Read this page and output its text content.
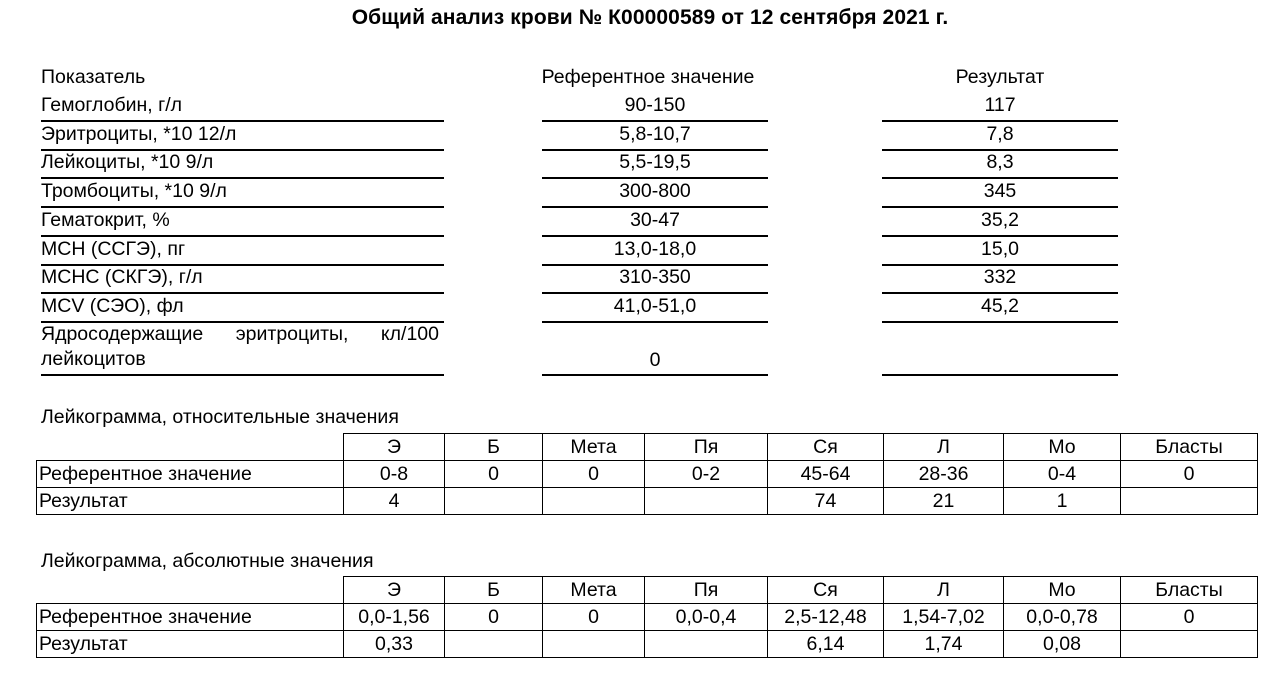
Общий анализ крови № К00000589 от 12 сентября 2021 г.
Показатель	Референтное значение	Результат
Гемоглобин, г/л	90-150	117
Эритроциты, *10 12/л	5,8-10,7	7,8
Лейкоциты, *10 9/л	5,5-19,5	8,3
Тромбоциты, *10 9/л	300-800	345
Гематокрит, %	30-47	35,2
МСН (ССГЭ), пг	13,0-18,0	15,0
МСНС (СКГЭ), г/л	310-350	332
MCV (СЭО), фл	41,0-51,0	45,2
Ядросодержащие эритроциты, кл/100 лейкоцитов	0
Лейкограмма, относительные значения
	Э	Б	Мета	Пя	Ся	Л	Мо	Бласты
Референтное значение	0-8	0	0	0-2	45-64	28-36	0-4	0
Результат	4				74	21	1	
Лейкограмма, абсолютные значения
	Э	Б	Мета	Пя	Ся	Л	Мо	Бласты
Референтное значение	0,0-1,56	0	0	0,0-0,4	2,5-12,48	1,54-7,02	0,0-0,78	0
Результат	0,33				6,14	1,74	0,08	
